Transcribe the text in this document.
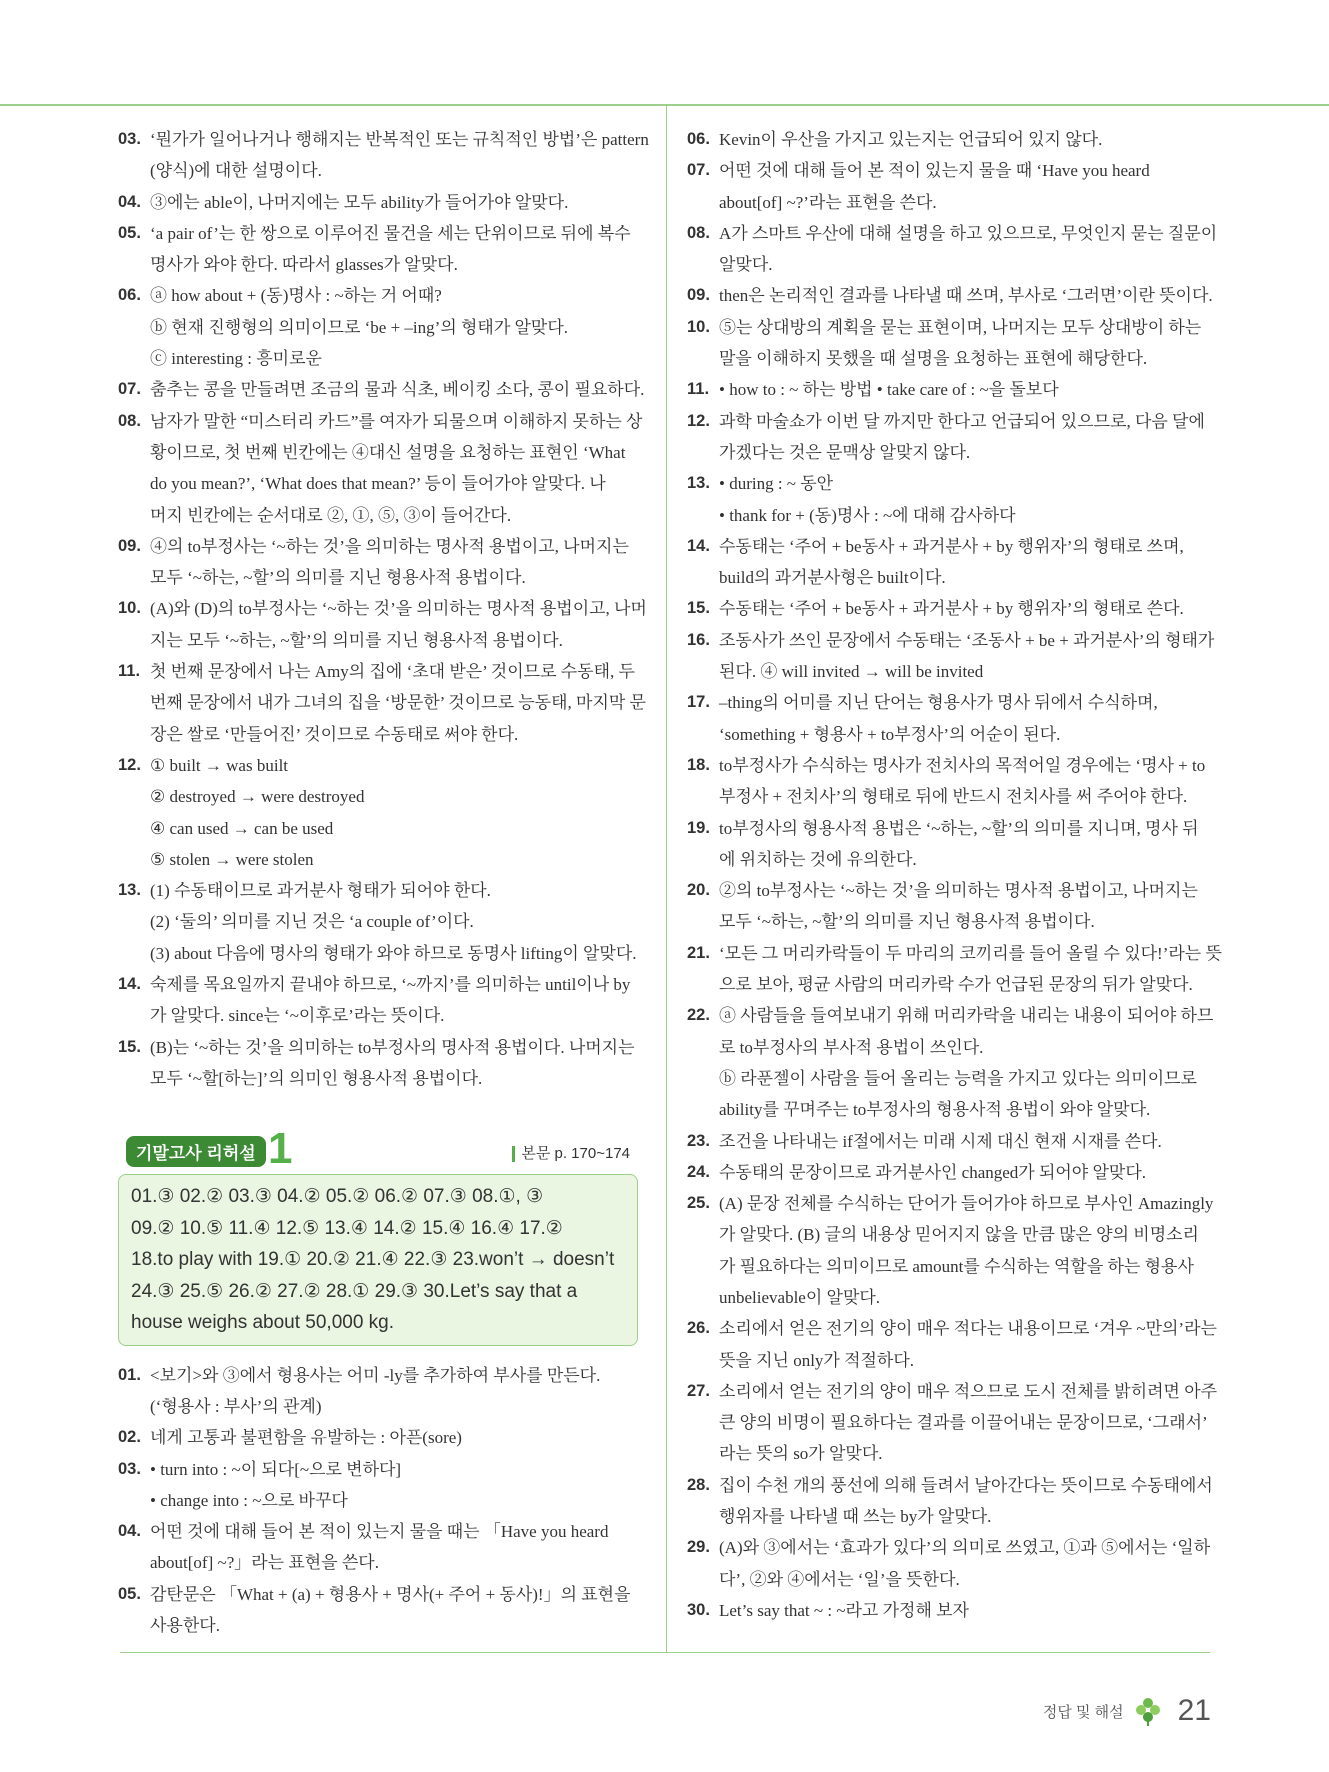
03. ‘뭔가가 일어나거나 행해지는 반복적인 또는 규칙적인 방법’은 pattern
(양식)에 대한 설명이다.
04. ③에는 able이, 나머지에는 모두 ability가 들어가야 알맞다.
05. ‘a pair of’는 한 쌍으로 이루어진 물건을 세는 단위이므로 뒤에 복수
명사가 와야 한다. 따라서 glasses가 알맞다.
06. ⓐ how about + (동)명사 : ~하는 거 어때?
ⓑ 현재 진행형의 의미이므로 ‘be + –ing’의 형태가 알맞다.
ⓒ interesting : 흥미로운
07. 춤추는 콩을 만들려면 조금의 물과 식초, 베이킹 소다, 콩이 필요하다.
08. 남자가 말한 “미스터리 카드”를 여자가 되물으며 이해하지 못하는 상
황이므로, 첫 번째 빈칸에는 ④대신 설명을 요청하는 표현인 ‘What
do you mean?’, ‘What does that mean?’ 등이 들어가야 알맞다. 나
머지 빈칸에는 순서대로 ②, ①, ⑤, ③이 들어간다.
09. ④의 to부정사는 ‘~하는 것’을 의미하는 명사적 용법이고, 나머지는
모두 ‘~하는, ~할’의 의미를 지닌 형용사적 용법이다.
10. (A)와 (D)의 to부정사는 ‘~하는 것’을 의미하는 명사적 용법이고, 나머
지는 모두 ‘~하는, ~할’의 의미를 지닌 형용사적 용법이다.
11. 첫 번째 문장에서 나는 Amy의 집에 ‘초대 받은’ 것이므로 수동태, 두
번째 문장에서 내가 그녀의 집을 ‘방문한’ 것이므로 능동태, 마지막 문
장은 쌀로 ‘만들어진’ 것이므로 수동태로 써야 한다.
12. ① built → was built
② destroyed → were destroyed
④ can used → can be used
⑤ stolen → were stolen
13. (1) 수동태이므로 과거분사 형태가 되어야 한다.
(2) ‘둘의’ 의미를 지닌 것은 ‘a couple of’이다.
(3) about 다음에 명사의 형태가 와야 하므로 동명사 lifting이 알맞다.
14. 숙제를 목요일까지 끝내야 하므로, ‘~까지’를 의미하는 until이나 by
가 알맞다. since는 ‘~이후로’라는 뜻이다.
15. (B)는 ‘~하는 것’을 의미하는 to부정사의 명사적 용법이다. 나머지는
모두 ‘~할[하는]’의 의미인 형용사적 용법이다.
기말고사 리허설 1	본문 p. 170~174
01.③ 02.② 03.③ 04.② 05.② 06.② 07.③ 08.①, ③
09.② 10.⑤ 11.④ 12.⑤ 13.④ 14.② 15.④ 16.④ 17.②
18.to play with 19.① 20.② 21.④ 22.③ 23.won’t → doesn’t
24.③ 25.⑤ 26.② 27.② 28.① 29.③ 30.Let’s say that a
house weighs about 50,000 kg.
01. <보기>와 ③에서 형용사는 어미 -ly를 추가하여 부사를 만든다.
(‘형용사 : 부사’의 관계)
02. 네게 고통과 불편함을 유발하는 : 아픈(sore)
03. • turn into : ~이 되다[~으로 변하다]
• change into : ~으로 바꾸다
04. 어떤 것에 대해 들어 본 적이 있는지 물을 때는 「Have you heard
about[of] ~?」라는 표현을 쓴다.
05. 감탄문은 「What + (a) + 형용사 + 명사(+ 주어 + 동사)!」의 표현을
사용한다.
06. Kevin이 우산을 가지고 있는지는 언급되어 있지 않다.
07. 어떤 것에 대해 들어 본 적이 있는지 물을 때 ‘Have you heard
about[of] ~?’라는 표현을 쓴다.
08. A가 스마트 우산에 대해 설명을 하고 있으므로, 무엇인지 묻는 질문이
알맞다.
09. then은 논리적인 결과를 나타낼 때 쓰며, 부사로 ‘그러면’이란 뜻이다.
10. ⑤는 상대방의 계획을 묻는 표현이며, 나머지는 모두 상대방이 하는
말을 이해하지 못했을 때 설명을 요청하는 표현에 해당한다.
11. • how to : ~ 하는 방법 • take care of : ~을 돌보다
12. 과학 마술쇼가 이번 달 까지만 한다고 언급되어 있으므로, 다음 달에
가겠다는 것은 문맥상 알맞지 않다.
13. • during : ~ 동안
• thank for + (동)명사 : ~에 대해 감사하다
14. 수동태는 ‘주어 + be동사 + 과거분사 + by 행위자’의 형태로 쓰며,
build의 과거분사형은 built이다.
15. 수동태는 ‘주어 + be동사 + 과거분사 + by 행위자’의 형태로 쓴다.
16. 조동사가 쓰인 문장에서 수동태는 ‘조동사 + be + 과거분사’의 형태가
된다. ④ will invited → will be invited
17. –thing의 어미를 지닌 단어는 형용사가 명사 뒤에서 수식하며,
‘something + 형용사 + to부정사’의 어순이 된다.
18. to부정사가 수식하는 명사가 전치사의 목적어일 경우에는 ‘명사 + to
부정사 + 전치사’의 형태로 뒤에 반드시 전치사를 써 주어야 한다.
19. to부정사의 형용사적 용법은 ‘~하는, ~할’의 의미를 지니며, 명사 뒤
에 위치하는 것에 유의한다.
20. ②의 to부정사는 ‘~하는 것’을 의미하는 명사적 용법이고, 나머지는
모두 ‘~하는, ~할’의 의미를 지닌 형용사적 용법이다.
21. ‘모든 그 머리카락들이 두 마리의 코끼리를 들어 올릴 수 있다!’라는 뜻
으로 보아, 평균 사람의 머리카락 수가 언급된 문장의 뒤가 알맞다.
22. ⓐ 사람들을 들여보내기 위해 머리카락을 내리는 내용이 되어야 하므
로 to부정사의 부사적 용법이 쓰인다.
ⓑ 라푼젤이 사람을 들어 올리는 능력을 가지고 있다는 의미이므로
ability를 꾸며주는 to부정사의 형용사적 용법이 와야 알맞다.
23. 조건을 나타내는 if절에서는 미래 시제 대신 현재 시재를 쓴다.
24. 수동태의 문장이므로 과거분사인 changed가 되어야 알맞다.
25. (A) 문장 전체를 수식하는 단어가 들어가야 하므로 부사인 Amazingly
가 알맞다. (B) 글의 내용상 믿어지지 않을 만큼 많은 양의 비명소리
가 필요하다는 의미이므로 amount를 수식하는 역할을 하는 형용사
unbelievable이 알맞다.
26. 소리에서 얻은 전기의 양이 매우 적다는 내용이므로 ‘겨우 ~만의’라는
뜻을 지닌 only가 적절하다.
27. 소리에서 얻는 전기의 양이 매우 적으므로 도시 전체를 밝히려면 아주
큰 양의 비명이 필요하다는 결과를 이끌어내는 문장이므로, ‘그래서’
라는 뜻의 so가 알맞다.
28. 집이 수천 개의 풍선에 의해 들려서 날아간다는 뜻이므로 수동태에서
행위자를 나타낼 때 쓰는 by가 알맞다.
29. (A)와 ③에서는 ‘효과가 있다’의 의미로 쓰였고, ①과 ⑤에서는 ‘일하
다’, ②와 ④에서는 ‘일’을 뜻한다.
30. Let’s say that ~ : ~라고 가정해 보자
정답 및 해설 21
